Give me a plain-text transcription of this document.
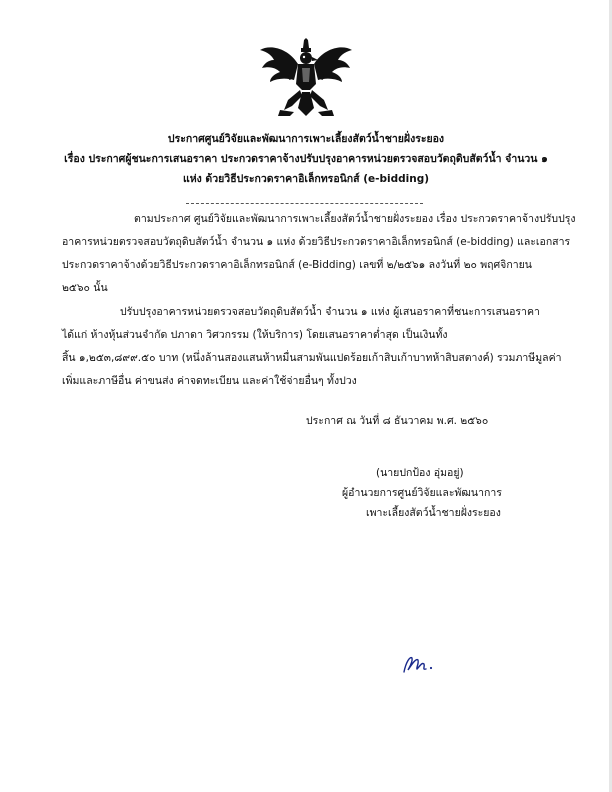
ประกาศศูนย์วิจัยและพัฒนาการเพาะเลี้ยงสัตว์น้ำชายฝั่งระยอง
เรื่อง ประกาศผู้ชนะการเสนอราคา ประกวดราคาจ้างปรับปรุงอาคารหน่วยตรวจสอบวัตถุดิบสัตว์น้ำ จำนวน ๑
แห่ง ด้วยวิธีประกวดราคาอิเล็กทรอนิกส์ (e-bidding)
ตามประกาศ ศูนย์วิจัยและพัฒนาการเพาะเลี้ยงสัตว์น้ำชายฝั่งระยอง เรื่อง ประกวดราคาจ้างปรับปรุง
อาคารหน่วยตรวจสอบวัตถุดิบสัตว์น้ำ จำนวน ๑ แห่ง ด้วยวิธีประกวดราคาอิเล็กทรอนิกส์ (e-bidding) และเอกสาร
ประกวดราคาจ้างด้วยวิธีประกวดราคาอิเล็กทรอนิกส์ (e-Bidding) เลขที่ ๒/๒๕๖๑ ลงวันที่ ๒๐ พฤศจิกายน
๒๕๖๐ นั้น
ปรับปรุงอาคารหน่วยตรวจสอบวัตถุดิบสัตว์น้ำ จำนวน ๑ แห่ง ผู้เสนอราคาที่ชนะการเสนอราคา
ได้แก่ ห้างหุ้นส่วนจำกัด ปภาดา วิศวกรรม (ให้บริการ) โดยเสนอราคาต่ำสุด เป็นเงินทั้ง
สิ้น ๑,๒๕๓,๘๙๙.๕๐ บาท (หนึ่งล้านสองแสนห้าหมื่นสามพันแปดร้อยเก้าสิบเก้าบาทห้าสิบสตางค์) รวมภาษีมูลค่า
เพิ่มและภาษีอื่น ค่าขนส่ง ค่าจดทะเบียน และค่าใช้จ่ายอื่นๆ ทั้งปวง
ประกาศ ณ วันที่ ๘ ธันวาคม พ.ศ. ๒๕๖๐
(นายปกป้อง อุ่มอยู่)
ผู้อำนวยการศูนย์วิจัยและพัฒนาการ
เพาะเลี้ยงสัตว์น้ำชายฝั่งระยอง
